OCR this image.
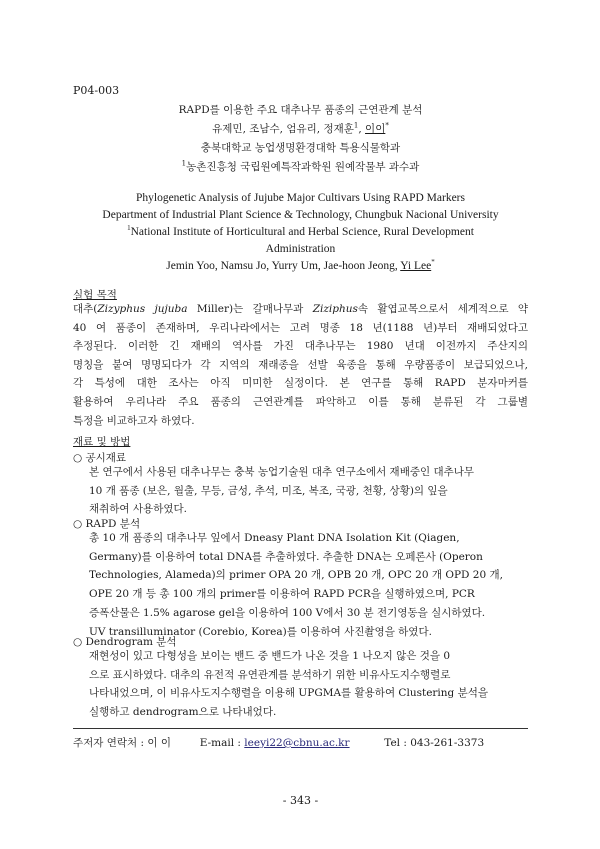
P04-003
RAPD를 이용한 주요 대추나무 품종의 근연관계 분석
유제민, 조남수, 엄유리, 정재훈$^1$, 이이*
충북대학교 농업생명환경대학 특용식물학과
$^1$농촌진흥청 국립원예특작과학원 원예작물부 과수과
Phylogenetic Analysis of Jujube Major Cultivars Using RAPD Markers
Department of Industrial Plant Science & Technology, Chungbuk Nacional University
$^1$National Institute of Horticultural and Herbal Science, Rural Development
Administration
Jemin Yoo, Namsu Jo, Yurry Um, Jae-hoon Jeong, Yi Lee*
실험 목적
대추(Zizyphus jujuba Miller)는 갈매나무과 Ziziphus속 활엽교목으로서 세계적으로 약
40 여 품종이 존재하며, 우리나라에서는 고려 명종 18 년(1188 년)부터 재배되었다고
추정된다. 이러한 긴 재배의 역사를 가진 대추나무는 1980 년대 이전까지 주산지의
명칭을 붙여 명명되다가 각 지역의 재래종을 선발 육종을 통해 우량품종이 보급되었으나,
각 특성에 대한 조사는 아직 미미한 실정이다. 본 연구를 통해 RAPD 분자마커를
활용하여 우리나라 주요 품종의 근연관계를 파악하고 이를 통해 분류된 각 그룹별
특정을 비교하고자 하였다.
재료 및 방법
○ 공시재료
본 연구에서 사용된 대추나무는 충북 농업기술원 대추 연구소에서 재배중인 대추나무
10 개 품종 (보은, 월출, 무등, 금성, 추석, 미조, 복조, 국광, 천황, 상황)의 잎을
채취하여 사용하였다.
○ RAPD 분석
총 10 개 품종의 대추나무 잎에서 Dneasy Plant DNA Isolation Kit (Qiagen,
Germany)를 이용하여 total DNA를 추출하였다. 추출한 DNA는 오페론사 (Operon
Technologies, Alameda)의 primer OPA 20 개, OPB 20 개, OPC 20 개 OPD 20 개,
OPE 20 개 등 총 100 개의 primer를 이용하여 RAPD PCR을 실행하였으며, PCR
증폭산물은 1.5% agarose gel을 이용하여 100 V에서 30 분 전기영동을 실시하였다.
UV transilluminator (Corebio, Korea)를 이용하여 사진촬영을 하였다.
○ Dendrogram 분석
재현성이 있고 다형성을 보이는 밴드 중 밴드가 나온 것을 1 나오지 않은 것을 0
으로 표시하였다. 대추의 유전적 유연관계를 분석하기 위한 비유사도지수행렬로
나타내었으며, 이 비유사도지수행렬을 이용해 UPGMA를 활용하여 Clustering 분석을
실행하고 dendrogram으로 나타내었다.
주저자 연락처 : 이 이	E-mail : leeyi22@cbnu.ac.kr	Tel : 043-261-3373
- 343 -
